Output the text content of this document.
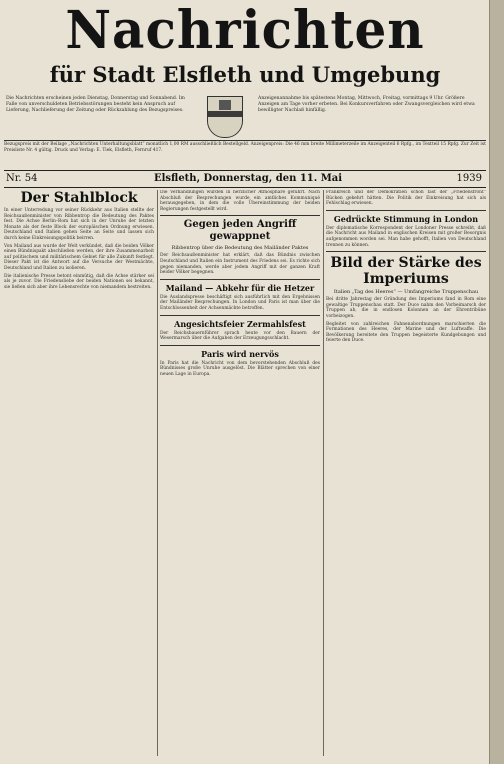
Nachrichten
für Stadt Elsfleth und Umgebung
Die Nachrichten erscheinen jeden Dienstag, Donnerstag und Sonnabend. Im Falle von unverschuldeten Betriebsstörungen besteht kein Anspruch auf Lieferung, Nachlieferung der Zeitung oder Rückzahlung des Bezugspreises.
Anzeigenannahme bis spätestens Montag, Mittwoch, Freitag, vormittags 9 Uhr. Größere Anzeigen am Tage vorher erbeten. Bei Konkursverfahren oder Zwangsvergleichen wird etwa bewilligter Nachlaß hinfällig.
Bezugspreis mit der Beilage „Nachrichten Unterhaltungsblatt“ monatlich 1,00 RM ausschließlich Bestellgeld. Anzeigenpreis: Die 46 mm breite Millimeterzeile im Anzeigenteil 6 Rpfg., im Textteil 15 Rpfg. Zur Zeit ist Preisliste Nr. 4 gültig. Druck und Verlag: E. Tiek, Elsfleth, Fernruf 417.
Nr. 54	Elsfleth, Donnerstag, den 11. Mai	1939
Der Stahlblock

In einer Unterredung vor seiner Rückkehr aus Italien stellte der Reichsaußenminister von Ribbentrop die Bedeutung des Paktes fest. Die Achse Berlin–Rom hat sich in der Unruhe der letzten Monate als der feste Block der europäischen Ordnung erwiesen. Deutschland und Italien gehen Seite an Seite und lassen sich durch keine Einkreisungspolitik beirren.

Von Mailand aus wurde der Welt verkündet, daß die beiden Völker einen Bündnispakt abschließen werden, der ihre Zusammenarbeit auf politischem und militärischem Gebiet für alle Zukunft festlegt. Dieser Pakt ist die Antwort auf die Versuche der Westmächte, Deutschland und Italien zu isolieren.

Die italienische Presse betont einmütig, daß die Achse stärker sei als je zuvor. Die Friedensliebe der beiden Nationen sei bekannt, sie ließen sich aber ihre Lebensrechte von niemandem bestreiten.

Die Verhandlungen wurden in herzlicher Atmosphäre geführt. Nach Abschluß der Besprechungen wurde ein amtliches Kommuniqué herausgegeben, in dem die volle Übereinstimmung der beiden Regierungen festgestellt wird.

Gegen jeden Angriff gewappnet
Ribbentrop über die Bedeutung des Mailänder Paktes

Der Reichsaußenminister hat erklärt, daß das Bündnis zwischen Deutschland und Italien ein Instrument des Friedens sei. Es richte sich gegen niemanden, werde aber jedem Angriff mit der ganzen Kraft beider Völker begegnen.

Mailand — Abkehr für die Hetzer

Die Auslandspresse beschäftigt sich ausführlich mit den Ergebnissen der Mailänder Besprechungen. In London und Paris ist man über die Entschlossenheit der Achsenmächte betroffen.

Angesichtsfeier Zermahlsfest

Der Reichsbauernführer sprach heute vor den Bauern der Wesermarsch über die Aufgaben der Erzeugungsschlacht.

Paris wird nervös

In Paris hat die Nachricht von dem bevorstehenden Abschluß des Bündnisses große Unruhe ausgelöst. Die Blätter sprechen von einer neuen Lage in Europa.

Frankreich und der Demokratien schon fast der „Friedensfront“ Rücken gekehrt hätten. Die Politik der Einkreisung hat sich als Fehlschlag erwiesen.

Gedrückte Stimmung in London

Der diplomatische Korrespondent der Londoner Presse schreibt, daß die Nachricht aus Mailand in englischen Kreisen mit großer Besorgnis aufgenommen worden sei. Man habe gehofft, Italien von Deutschland trennen zu können.

Bild der Stärke des Imperiums
Italien „Tag des Heeres“ — Umfangreiche Truppenschau

Bei dritte Jahrestag der Gründung des Imperiums fand in Rom eine gewaltige Truppenschau statt. Der Duce nahm den Vorbeimarsch der Truppen ab, die in endlosen Kolonnen an der Ehrentribüne vorbeizogen.

Begleitet von zahlreichen Fahnenabordnungen marschierten die Formationen des Heeres, der Marine und der Luftwaffe. Die Bevölkerung bereitete den Truppen begeisterte Kundgebungen und feierte den Duce.
